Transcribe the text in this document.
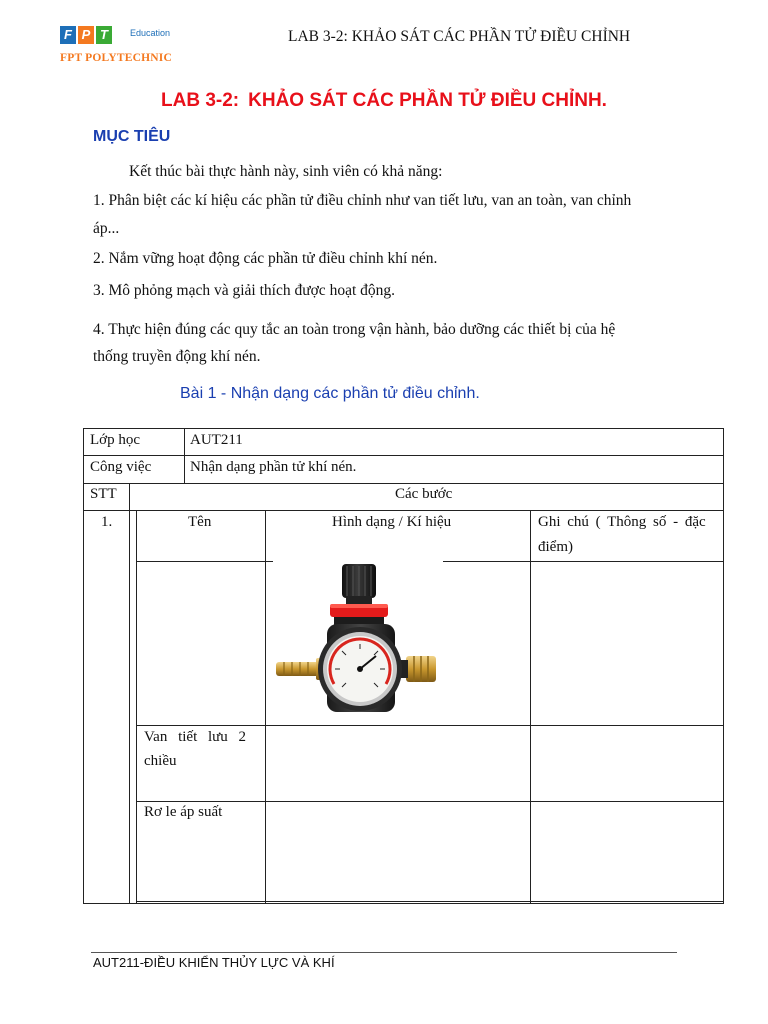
F P T	Education
FPT POLYTECHNIC
LAB 3-2: KHẢO SÁT CÁC PHẦN TỬ ĐIỀU CHỈNH
LAB 3-2: KHẢO SÁT CÁC PHẦN TỬ ĐIỀU CHỈNH.
MỤC TIÊU
Kết thúc bài thực hành này, sinh viên có khả năng:
1. Phân biệt các kí hiệu các phần tử điều chỉnh như van tiết lưu, van an toàn, van chỉnh
áp...
2. Nắm vững hoạt động các phần tử điều chỉnh khí nén.
3. Mô phỏng mạch và giải thích được hoạt động.
4. Thực hiện đúng các quy tắc an toàn trong vận hành, bảo dưỡng các thiết bị của hệ
thống truyền động khí nén.
Bài 1 - Nhận dạng các phần tử điều chỉnh.
Lớp học	AUT211
Công việc	Nhận dạng phần tử khí nén.
STT	Các bước
1.	Tên	Hình dạng / Kí hiệu	Ghi chú ( Thông số - đặc
điểm)
Van tiết lưu 2
chiều
Rơ le áp suất
AUT211-ĐIỀU KHIỂN THỦY LỰC VÀ KHÍ
